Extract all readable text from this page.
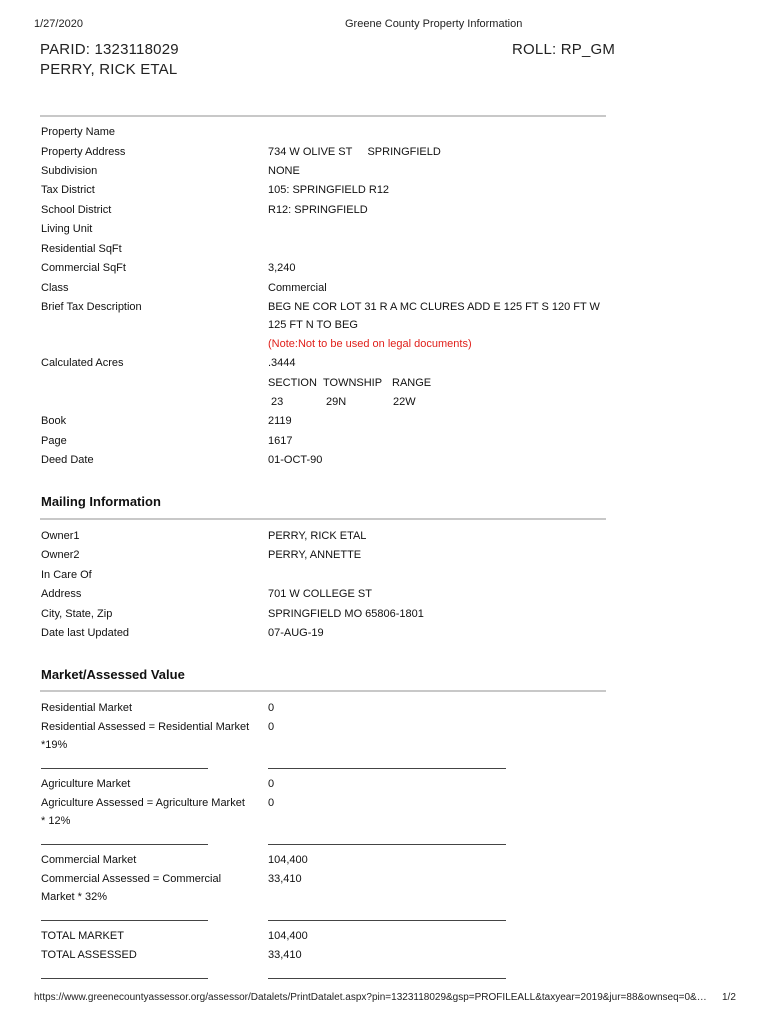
1/27/2020	Greene County Property Information
PARID: 1323118029
PERRY, RICK ETAL
ROLL: RP_GM
Property Name
Property Address	734 W OLIVE ST     SPRINGFIELD
Subdivision	NONE
Tax District	105: SPRINGFIELD R12
School District	R12: SPRINGFIELD
Living Unit
Residential SqFt
Commercial SqFt	3,240
Class	Commercial
Brief Tax Description	BEG NE COR LOT 31 R A MC CLURES ADD E 125 FT S 120 FT W
125 FT N TO BEG
(Note:Not to be used on legal documents)
Calculated Acres	.3444
SECTION TOWNSHIP RANGE
23	29N	22W
Book	2119
Page	1617
Deed Date	01-OCT-90
Mailing Information
Owner1	PERRY, RICK ETAL
Owner2	PERRY, ANNETTE
In Care Of
Address	701 W COLLEGE ST
City, State, Zip	SPRINGFIELD MO 65806-1801
Date last Updated	07-AUG-19
Market/Assessed Value
Residential Market	0
Residential Assessed = Residential Market
*19%
0
Agriculture Market	0
Agriculture Assessed = Agriculture Market
* 12%
0
Commercial Market	104,400
Commercial Assessed = Commercial
Market * 32%
33,410
TOTAL MARKET	104,400
TOTAL ASSESSED	33,410
https://www.greenecountyassessor.org/assessor/Datalets/PrintDatalet.aspx?pin=1323118029&gsp=PROFILEALL&taxyear=2019&jur=88&ownseq=0&…	1/2
